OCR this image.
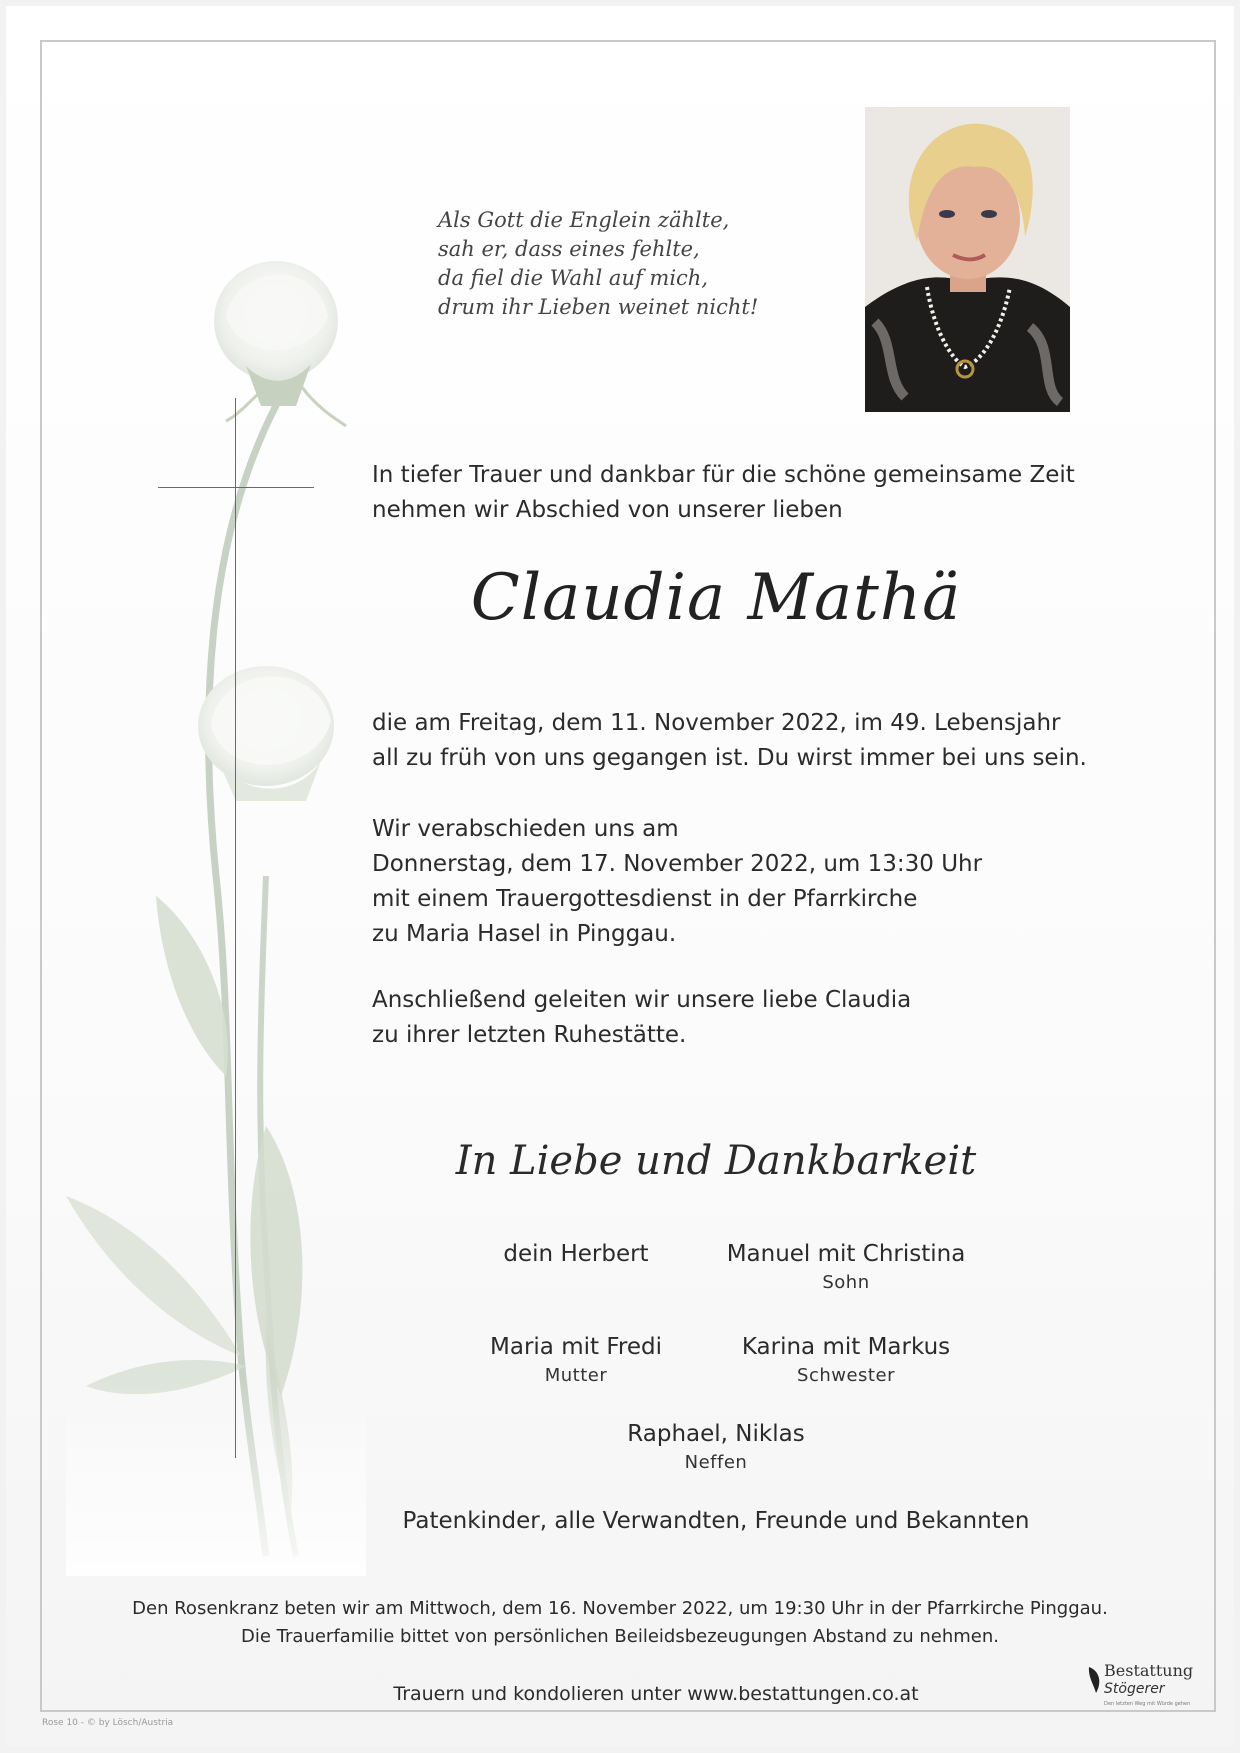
Als Gott die Englein zählte,
sah er, dass eines fehlte,
da fiel die Wahl auf mich,
drum ihr Lieben weinet nicht!
In tiefer Trauer und dankbar für die schöne gemeinsame Zeit
nehmen wir Abschied von unserer lieben
Claudia Mathä
die am Freitag, dem 11. November 2022, im 49. Lebensjahr
all zu früh von uns gegangen ist. Du wirst immer bei uns sein.
Wir verabschieden uns am
Donnerstag, dem 17. November 2022, um 13:30 Uhr
mit einem Trauergottesdienst in der Pfarrkirche
zu Maria Hasel in Pinggau.
Anschließend geleiten wir unsere liebe Claudia
zu ihrer letzten Ruhestätte.
In Liebe und Dankbarkeit
dein Herbert	Manuel mit Christina
Sohn
Maria mit Fredi
Mutter
Karina mit Markus
Schwester
Raphael, Niklas
Neffen
Patenkinder, alle Verwandten, Freunde und Bekannten
Den Rosenkranz beten wir am Mittwoch, dem 16. November 2022, um 19:30 Uhr in der Pfarrkirche Pinggau.
Die Trauerfamilie bittet von persönlichen Beileidsbezeugungen Abstand zu nehmen.
Trauern und kondolieren unter www.bestattungen.co.at
Bestattung
Stögerer
Den letzten Weg mit Würde gehen
Rose 10 - © by Lösch/Austria
